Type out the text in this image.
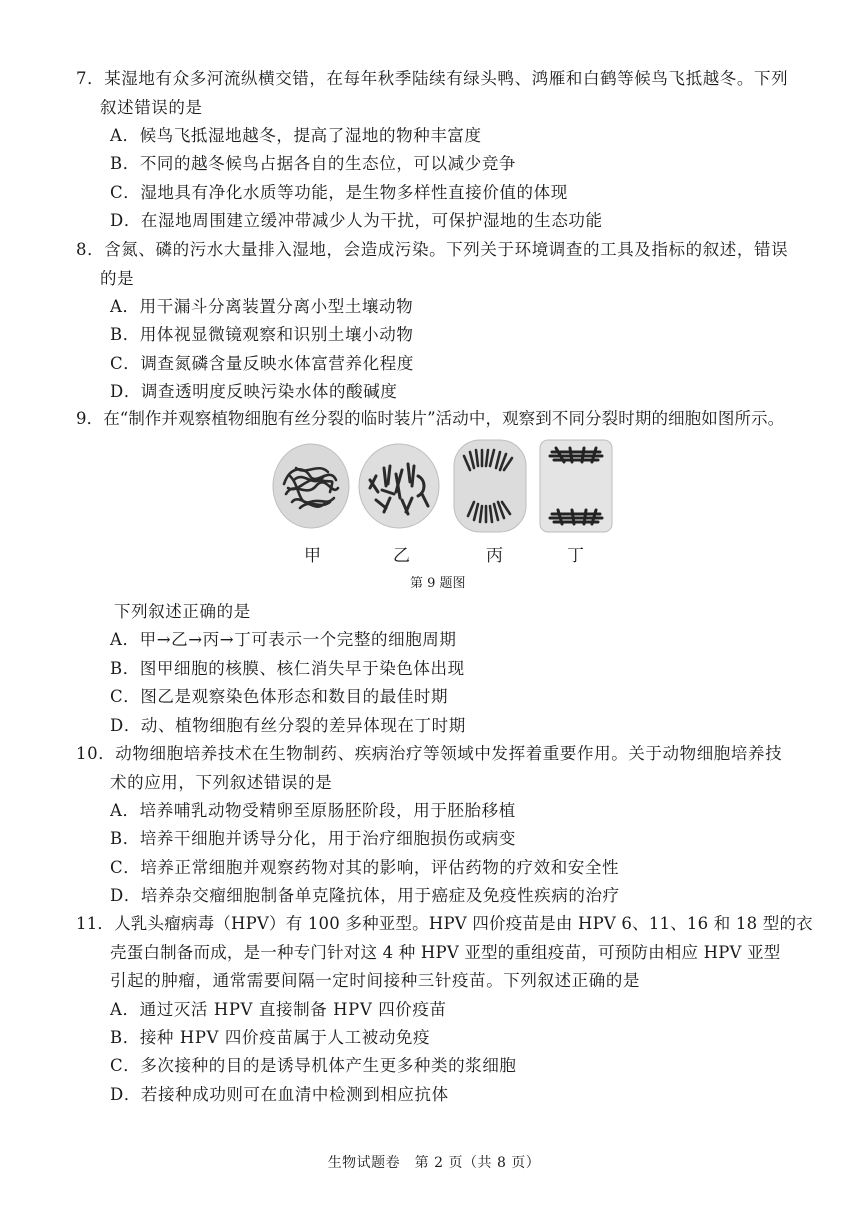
7．某湿地有众多河流纵横交错，在每年秋季陆续有绿头鸭、鸿雁和白鹤等候鸟飞抵越冬。下列
叙述错误的是
A．候鸟飞抵湿地越冬，提高了湿地的物种丰富度
B．不同的越冬候鸟占据各自的生态位，可以减少竞争
C．湿地具有净化水质等功能，是生物多样性直接价值的体现
D．在湿地周围建立缓冲带减少人为干扰，可保护湿地的生态功能
8．含氮、磷的污水大量排入湿地，会造成污染。下列关于环境调查的工具及指标的叙述，错误
的是
A．用干漏斗分离装置分离小型土壤动物
B．用体视显微镜观察和识别土壤小动物
C．调查氮磷含量反映水体富营养化程度
D．调查透明度反映污染水体的酸碱度
9．在“制作并观察植物细胞有丝分裂的临时装片”活动中，观察到不同分裂时期的细胞如图所示。
甲	乙	丙	丁
第 9 题图
下列叙述正确的是
A．甲→乙→丙→丁可表示一个完整的细胞周期
B．图甲细胞的核膜、核仁消失早于染色体出现
C．图乙是观察染色体形态和数目的最佳时期
D．动、植物细胞有丝分裂的差异体现在丁时期
10．动物细胞培养技术在生物制药、疾病治疗等领域中发挥着重要作用。关于动物细胞培养技
术的应用，下列叙述错误的是
A．培养哺乳动物受精卵至原肠胚阶段，用于胚胎移植
B．培养干细胞并诱导分化，用于治疗细胞损伤或病变
C．培养正常细胞并观察药物对其的影响，评估药物的疗效和安全性
D．培养杂交瘤细胞制备单克隆抗体，用于癌症及免疫性疾病的治疗
11．人乳头瘤病毒（HPV）有 100 多种亚型。HPV 四价疫苗是由 HPV 6、11、16 和 18 型的衣
壳蛋白制备而成，是一种专门针对这 4 种 HPV 亚型的重组疫苗，可预防由相应 HPV 亚型
引起的肿瘤，通常需要间隔一定时间接种三针疫苗。下列叙述正确的是
A．通过灭活 HPV 直接制备 HPV 四价疫苗
B．接种 HPV 四价疫苗属于人工被动免疫
C．多次接种的目的是诱导机体产生更多种类的浆细胞
D．若接种成功则可在血清中检测到相应抗体
生物试题卷　第 2 页（共 8 页）
